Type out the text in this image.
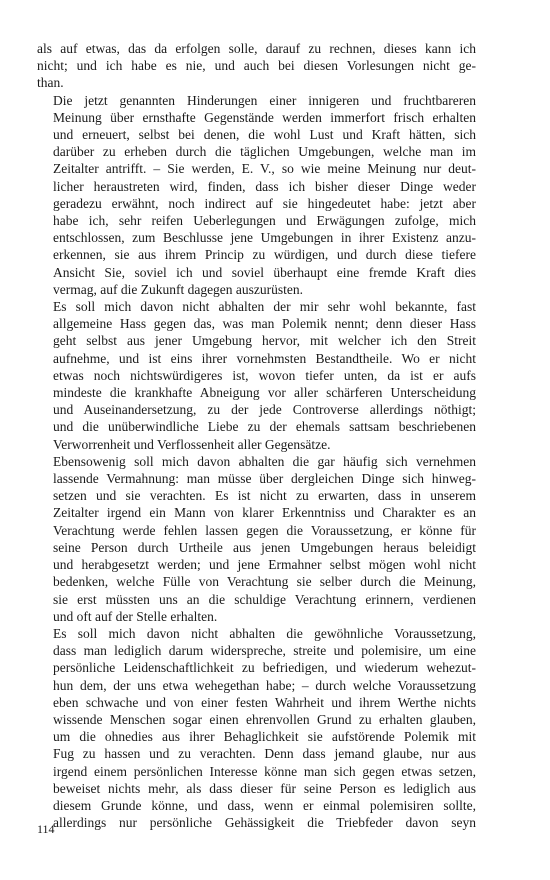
als auf etwas, das da erfolgen solle, darauf zu rechnen, dieses kann ich
nicht; und ich habe es nie, und auch bei diesen Vorlesungen nicht ge-
than.

Die jetzt genannten Hinderungen einer innigeren und fruchtbareren
Meinung über ernsthafte Gegenstände werden immerfort frisch erhalten
und erneuert, selbst bei denen, die wohl Lust und Kraft hätten, sich
darüber zu erheben durch die täglichen Umgebungen, welche man im
Zeitalter antrifft. – Sie werden, E. V., so wie meine Meinung nur deut-
licher heraustreten wird, finden, dass ich bisher dieser Dinge weder
geradezu erwähnt, noch indirect auf sie hingedeutet habe: jetzt aber
habe ich, sehr reifen Ueberlegungen und Erwägungen zufolge, mich
entschlossen, zum Beschlusse jene Umgebungen in ihrer Existenz anzu-
erkennen, sie aus ihrem Princip zu würdigen, und durch diese tiefere
Ansicht Sie, soviel ich und soviel überhaupt eine fremde Kraft dies
vermag, auf die Zukunft dagegen auszurüsten.

Es soll mich davon nicht abhalten der mir sehr wohl bekannte, fast
allgemeine Hass gegen das, was man Polemik nennt; denn dieser Hass
geht selbst aus jener Umgebung hervor, mit welcher ich den Streit
aufnehme, und ist eins ihrer vornehmsten Bestandtheile. Wo er nicht
etwas noch nichtswürdigeres ist, wovon tiefer unten, da ist er aufs
mindeste die krankhafte Abneigung vor aller schärferen Unterscheidung
und Auseinandersetzung, zu der jede Controverse allerdings nöthigt;
und die unüberwindliche Liebe zu der ehemals sattsam beschriebenen
Verworrenheit und Verflossenheit aller Gegensätze.

Ebensowenig soll mich davon abhalten die gar häufig sich vernehmen
lassende Vermahnung: man müsse über dergleichen Dinge sich hinweg-
setzen und sie verachten. Es ist nicht zu erwarten, dass in unserem
Zeitalter irgend ein Mann von klarer Erkenntniss und Charakter es an
Verachtung werde fehlen lassen gegen die Voraussetzung, er könne für
seine Person durch Urtheile aus jenen Umgebungen heraus beleidigt
und herabgesetzt werden; und jene Ermahner selbst mögen wohl nicht
bedenken, welche Fülle von Verachtung sie selber durch die Meinung,
sie erst müssten uns an die schuldige Verachtung erinnern, verdienen
und oft auf der Stelle erhalten.

Es soll mich davon nicht abhalten die gewöhnliche Voraussetzung,
dass man lediglich darum widerspreche, streite und polemisire, um eine
persönliche Leidenschaftlichkeit zu befriedigen, und wiederum wehezut-
hun dem, der uns etwa wehegethan habe; – durch welche Voraussetzung
eben schwache und von einer festen Wahrheit und ihrem Werthe nichts
wissende Menschen sogar einen ehrenvollen Grund zu erhalten glauben,
um die ohnedies aus ihrer Behaglichkeit sie aufstörende Polemik mit
Fug zu hassen und zu verachten. Denn dass jemand glaube, nur aus
irgend einem persönlichen Interesse könne man sich gegen etwas setzen,
beweiset nichts mehr, als dass dieser für seine Person es lediglich aus
diesem Grunde könne, und dass, wenn er einmal polemisiren sollte,
allerdings nur persönliche Gehässigkeit die Triebfeder davon seyn

114
